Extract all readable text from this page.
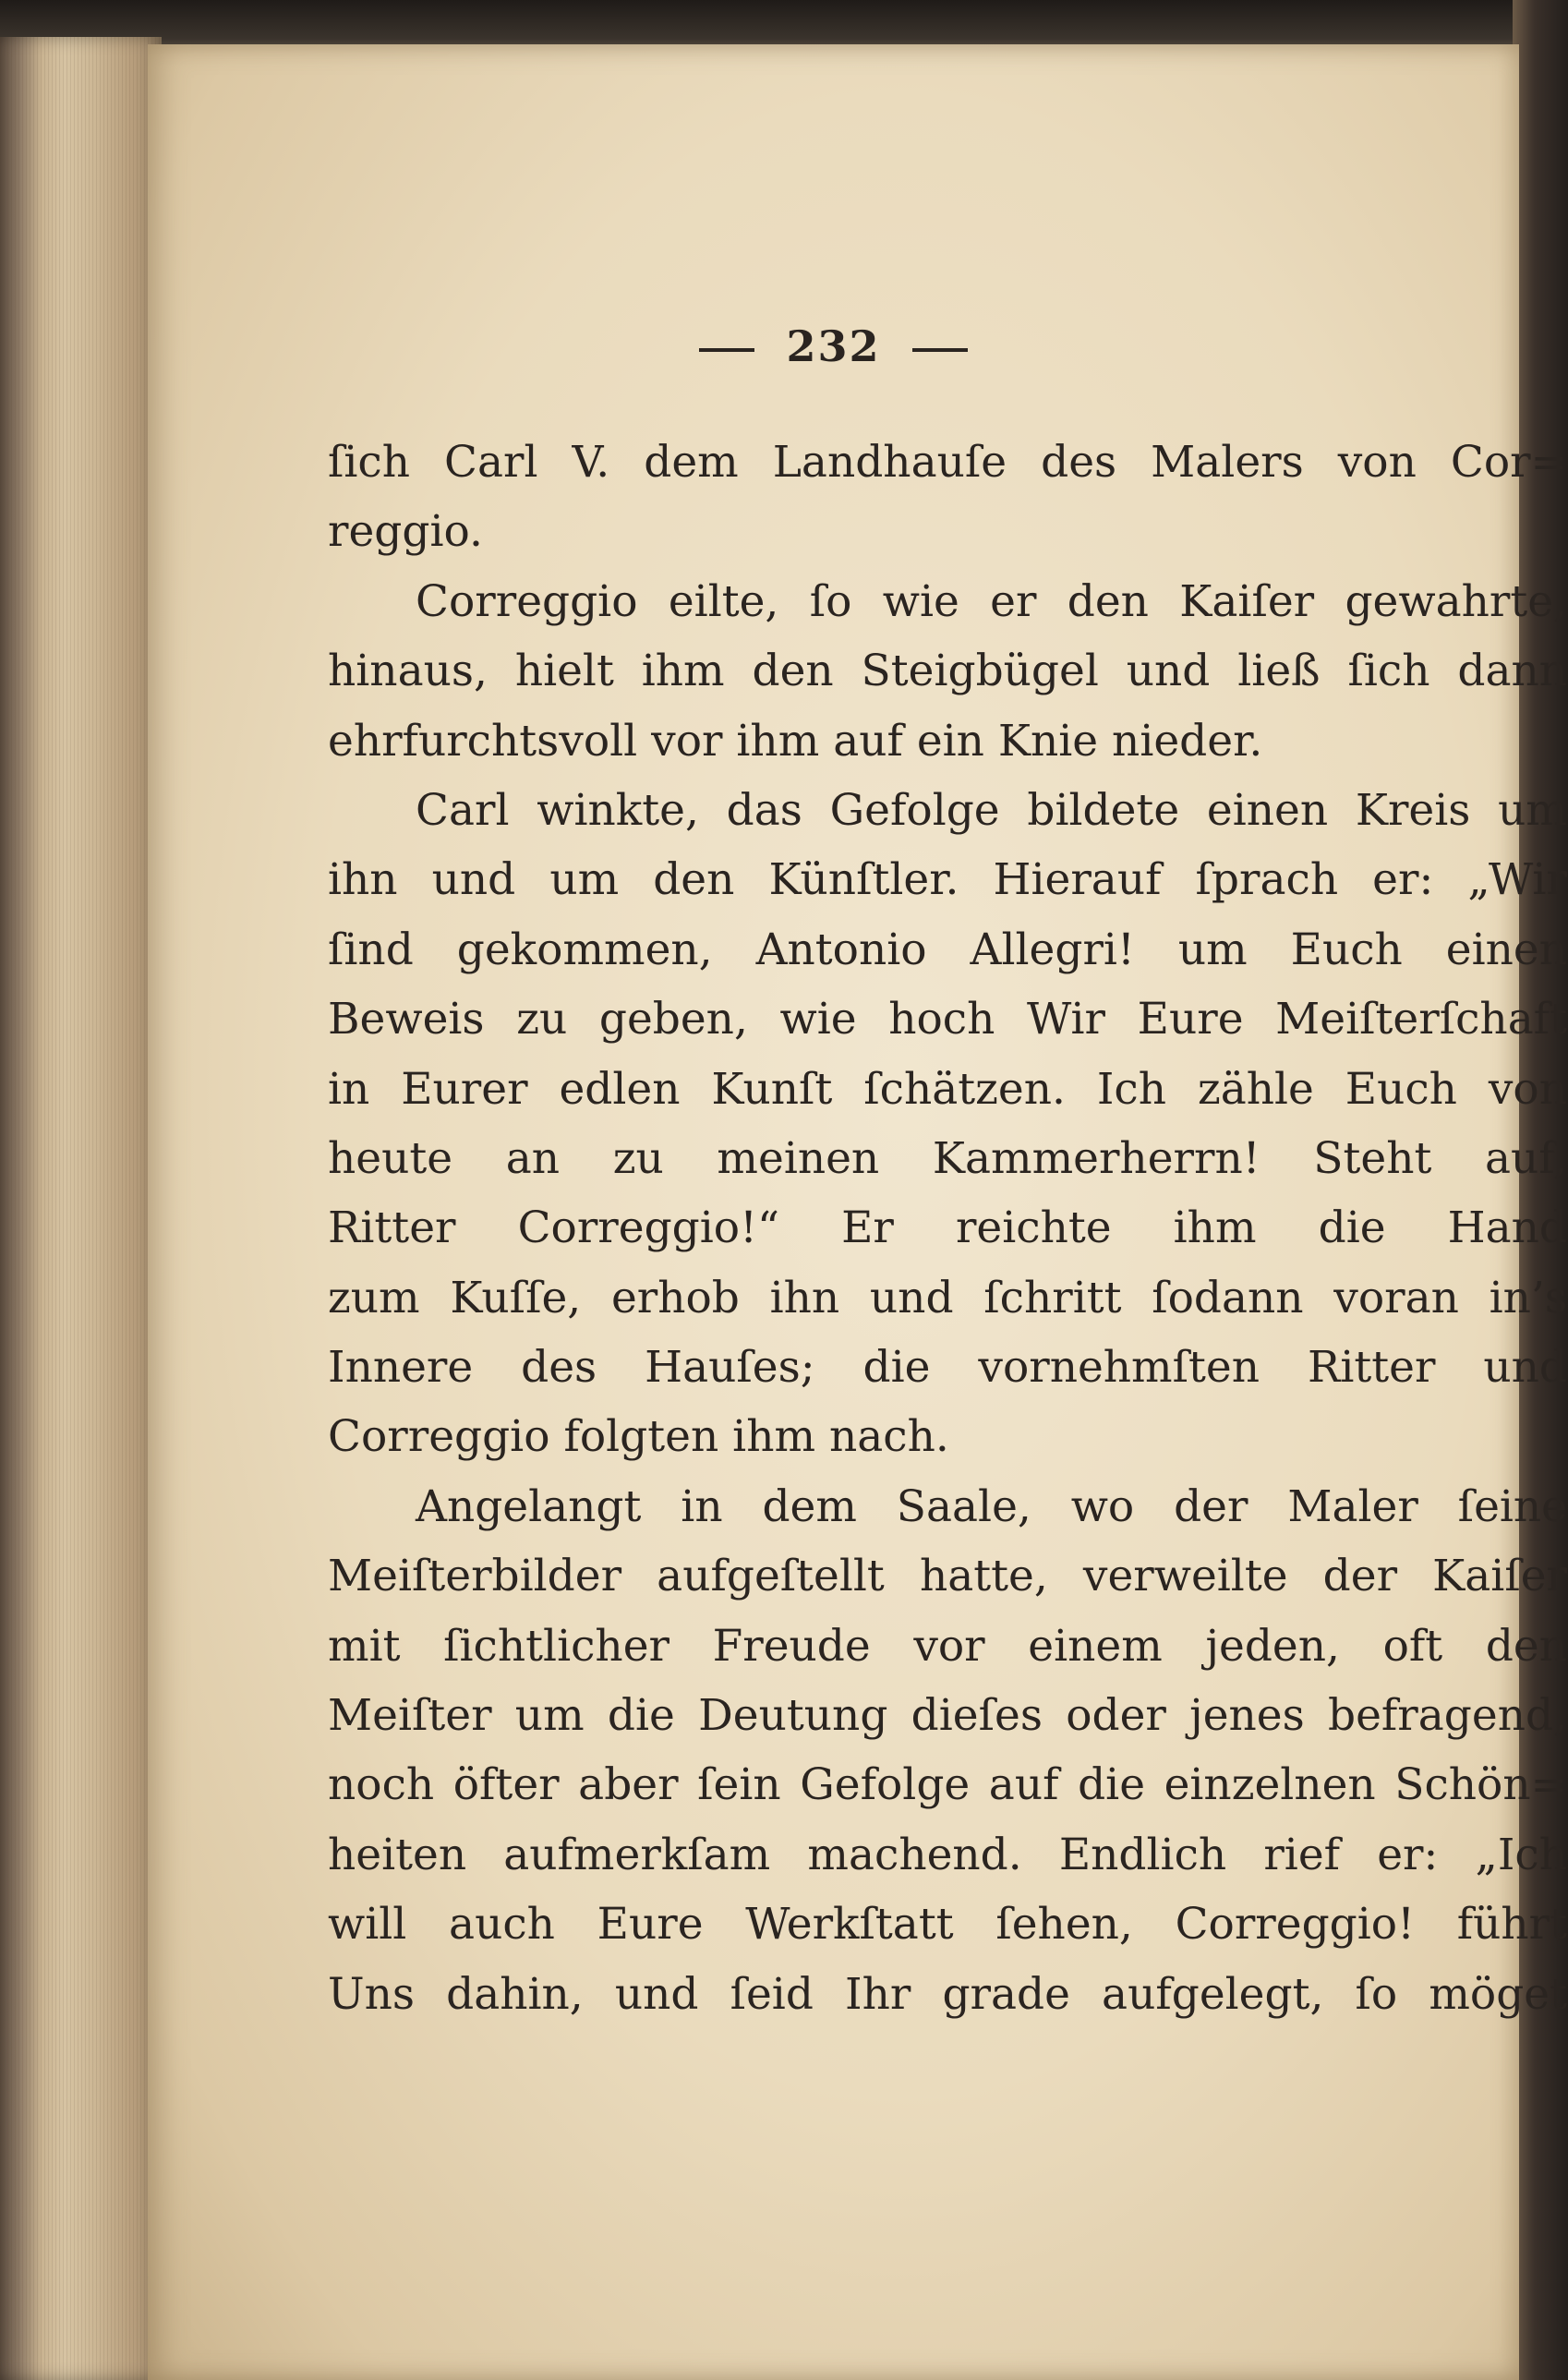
232
ſich Carl V. dem Landhauſe des Malers von Cor=
reggio.
Correggio eilte, ſo wie er den Kaiſer gewahrte,
hinaus, hielt ihm den Steigbügel und ließ ſich dann
ehrfurchtsvoll vor ihm auf ein Knie nieder.
Carl winkte, das Gefolge bildete einen Kreis um
ihn und um den Künſtler. Hierauf ſprach er: „Wir
ſind gekommen, Antonio Allegri! um Euch einen
Beweis zu geben, wie hoch Wir Eure Meiſterſchaft
in Eurer edlen Kunſt ſchätzen. Ich zähle Euch von
heute an zu meinen Kammerherrn! Steht auf,
Ritter Correggio!“ Er reichte ihm die Hand
zum Kuſſe, erhob ihn und ſchritt ſodann voran in’s
Innere des Hauſes; die vornehmſten Ritter und
Correggio folgten ihm nach.
Angelangt in dem Saale, wo der Maler ſeine
Meiſterbilder aufgeſtellt hatte, verweilte der Kaiſer
mit ſichtlicher Freude vor einem jeden, oft den
Meiſter um die Deutung dieſes oder jenes befragend,
noch öfter aber ſein Gefolge auf die einzelnen Schön=
heiten aufmerkſam machend. Endlich rief er: „Ich
will auch Eure Werkſtatt ſehen, Correggio! führt
Uns dahin, und ſeid Ihr grade aufgelegt, ſo möget
